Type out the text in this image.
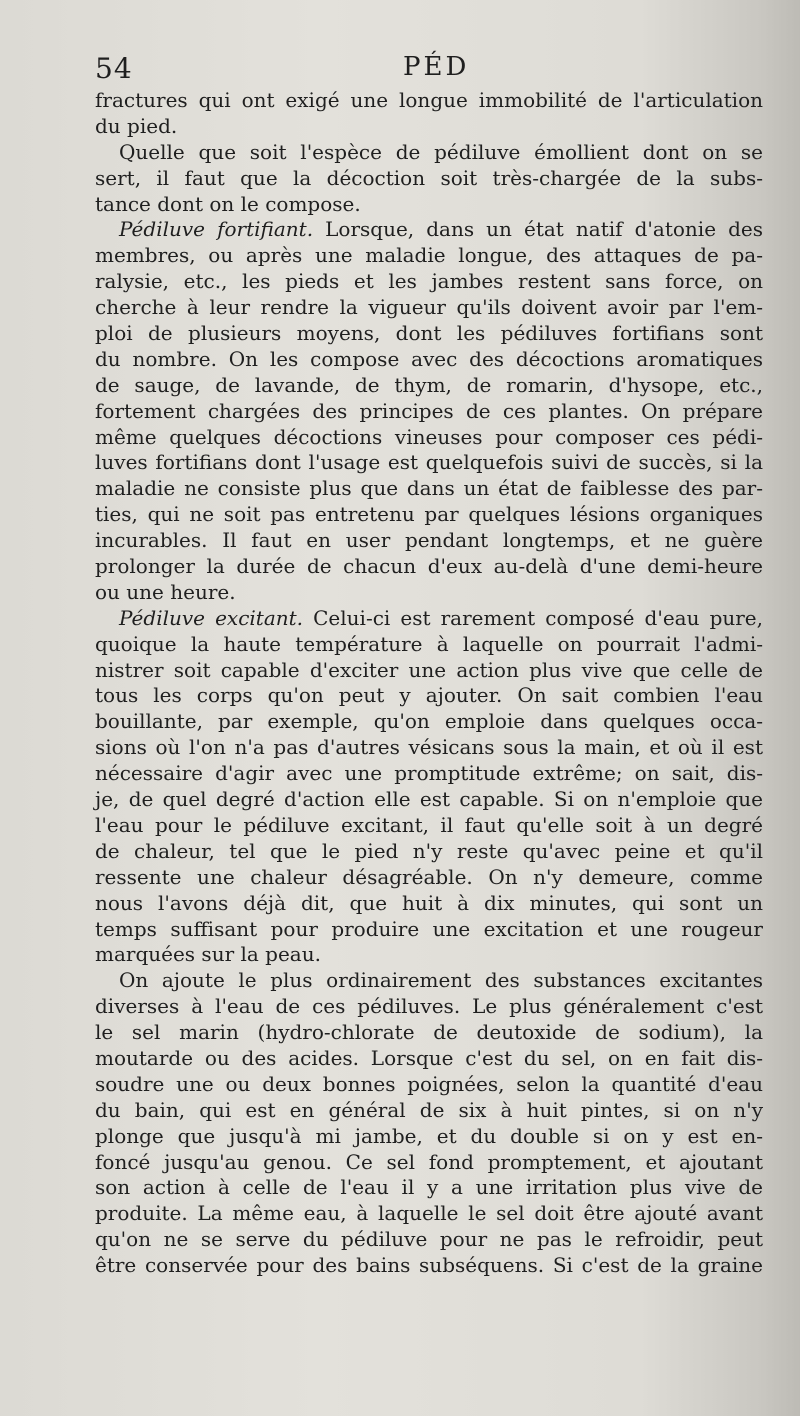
54	PÉD
fractures qui ont exigé une longue immobilité de l'articulation
du pied.
Quelle que soit l'espèce de pédiluve émollient dont on se
sert, il faut que la décoction soit très-chargée de la subs-
tance dont on le compose.
Pédiluve fortifiant. Lorsque, dans un état natif d'atonie des
membres, ou après une maladie longue, des attaques de pa-
ralysie, etc., les pieds et les jambes restent sans force, on
cherche à leur rendre la vigueur qu'ils doivent avoir par l'em-
ploi de plusieurs moyens, dont les pédiluves fortifians sont
du nombre. On les compose avec des décoctions aromatiques
de sauge, de lavande, de thym, de romarin, d'hysope, etc.,
fortement chargées des principes de ces plantes. On prépare
même quelques décoctions vineuses pour composer ces pédi-
luves fortifians dont l'usage est quelquefois suivi de succès, si la
maladie ne consiste plus que dans un état de faiblesse des par-
ties, qui ne soit pas entretenu par quelques lésions organiques
incurables. Il faut en user pendant longtemps, et ne guère
prolonger la durée de chacun d'eux au-delà d'une demi-heure
ou une heure.
Pédiluve excitant. Celui-ci est rarement composé d'eau pure,
quoique la haute température à laquelle on pourrait l'admi-
nistrer soit capable d'exciter une action plus vive que celle de
tous les corps qu'on peut y ajouter. On sait combien l'eau
bouillante, par exemple, qu'on emploie dans quelques occa-
sions où l'on n'a pas d'autres vésicans sous la main, et où il est
nécessaire d'agir avec une promptitude extrême; on sait, dis-
je, de quel degré d'action elle est capable. Si on n'emploie que
l'eau pour le pédiluve excitant, il faut qu'elle soit à un degré
de chaleur, tel que le pied n'y reste qu'avec peine et qu'il
ressente une chaleur désagréable. On n'y demeure, comme
nous l'avons déjà dit, que huit à dix minutes, qui sont un
temps suffisant pour produire une excitation et une rougeur
marquées sur la peau.
On ajoute le plus ordinairement des substances excitantes
diverses à l'eau de ces pédiluves. Le plus généralement c'est
le sel marin (hydro-chlorate de deutoxide de sodium), la
moutarde ou des acides. Lorsque c'est du sel, on en fait dis-
soudre une ou deux bonnes poignées, selon la quantité d'eau
du bain, qui est en général de six à huit pintes, si on n'y
plonge que jusqu'à mi jambe, et du double si on y est en-
foncé jusqu'au genou. Ce sel fond promptement, et ajoutant
son action à celle de l'eau il y a une irritation plus vive de
produite. La même eau, à laquelle le sel doit être ajouté avant
qu'on ne se serve du pédiluve pour ne pas le refroidir, peut
être conservée pour des bains subséquens. Si c'est de la graine
